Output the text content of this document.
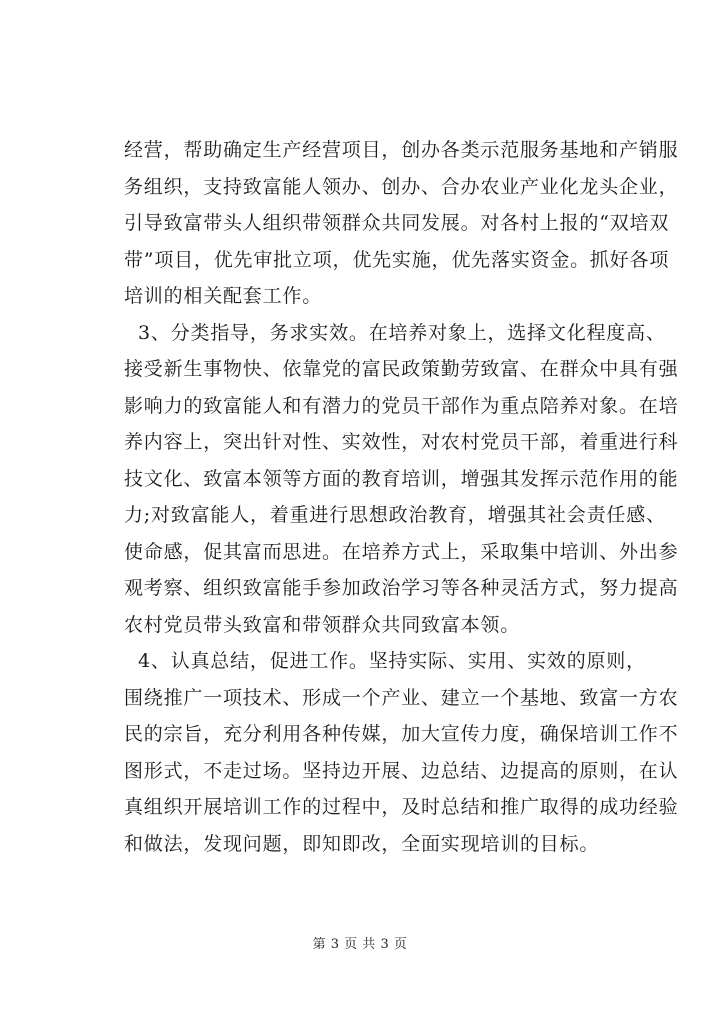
经营，帮助确定生产经营项目，创办各类示范服务基地和产销服
务组织，支持致富能人领办、创办、合办农业产业化龙头企业，
引导致富带头人组织带领群众共同发展。对各村上报的“双培双
带”项目，优先审批立项，优先实施，优先落实资金。抓好各项
培训的相关配套工作。
3、分类指导，务求实效。在培养对象上，选择文化程度高、
接受新生事物快、依靠党的富民政策勤劳致富、在群众中具有强
影响力的致富能人和有潜力的党员干部作为重点陪养对象。在培
养内容上，突出针对性、实效性，对农村党员干部，着重进行科
技文化、致富本领等方面的教育培训，增强其发挥示范作用的能
力;对致富能人，着重进行思想政治教育，增强其社会责任感、
使命感，促其富而思进。在培养方式上，采取集中培训、外出参
观考察、组织致富能手参加政治学习等各种灵活方式，努力提高
农村党员带头致富和带领群众共同致富本领。
4、认真总结，促进工作。坚持实际、实用、实效的原则，
围绕推广一项技术、形成一个产业、建立一个基地、致富一方农
民的宗旨，充分利用各种传媒，加大宣传力度，确保培训工作不
图形式，不走过场。坚持边开展、边总结、边提高的原则，在认
真组织开展培训工作的过程中，及时总结和推广取得的成功经验
和做法，发现问题，即知即改，全面实现培训的目标。
第 3 页 共 3 页
